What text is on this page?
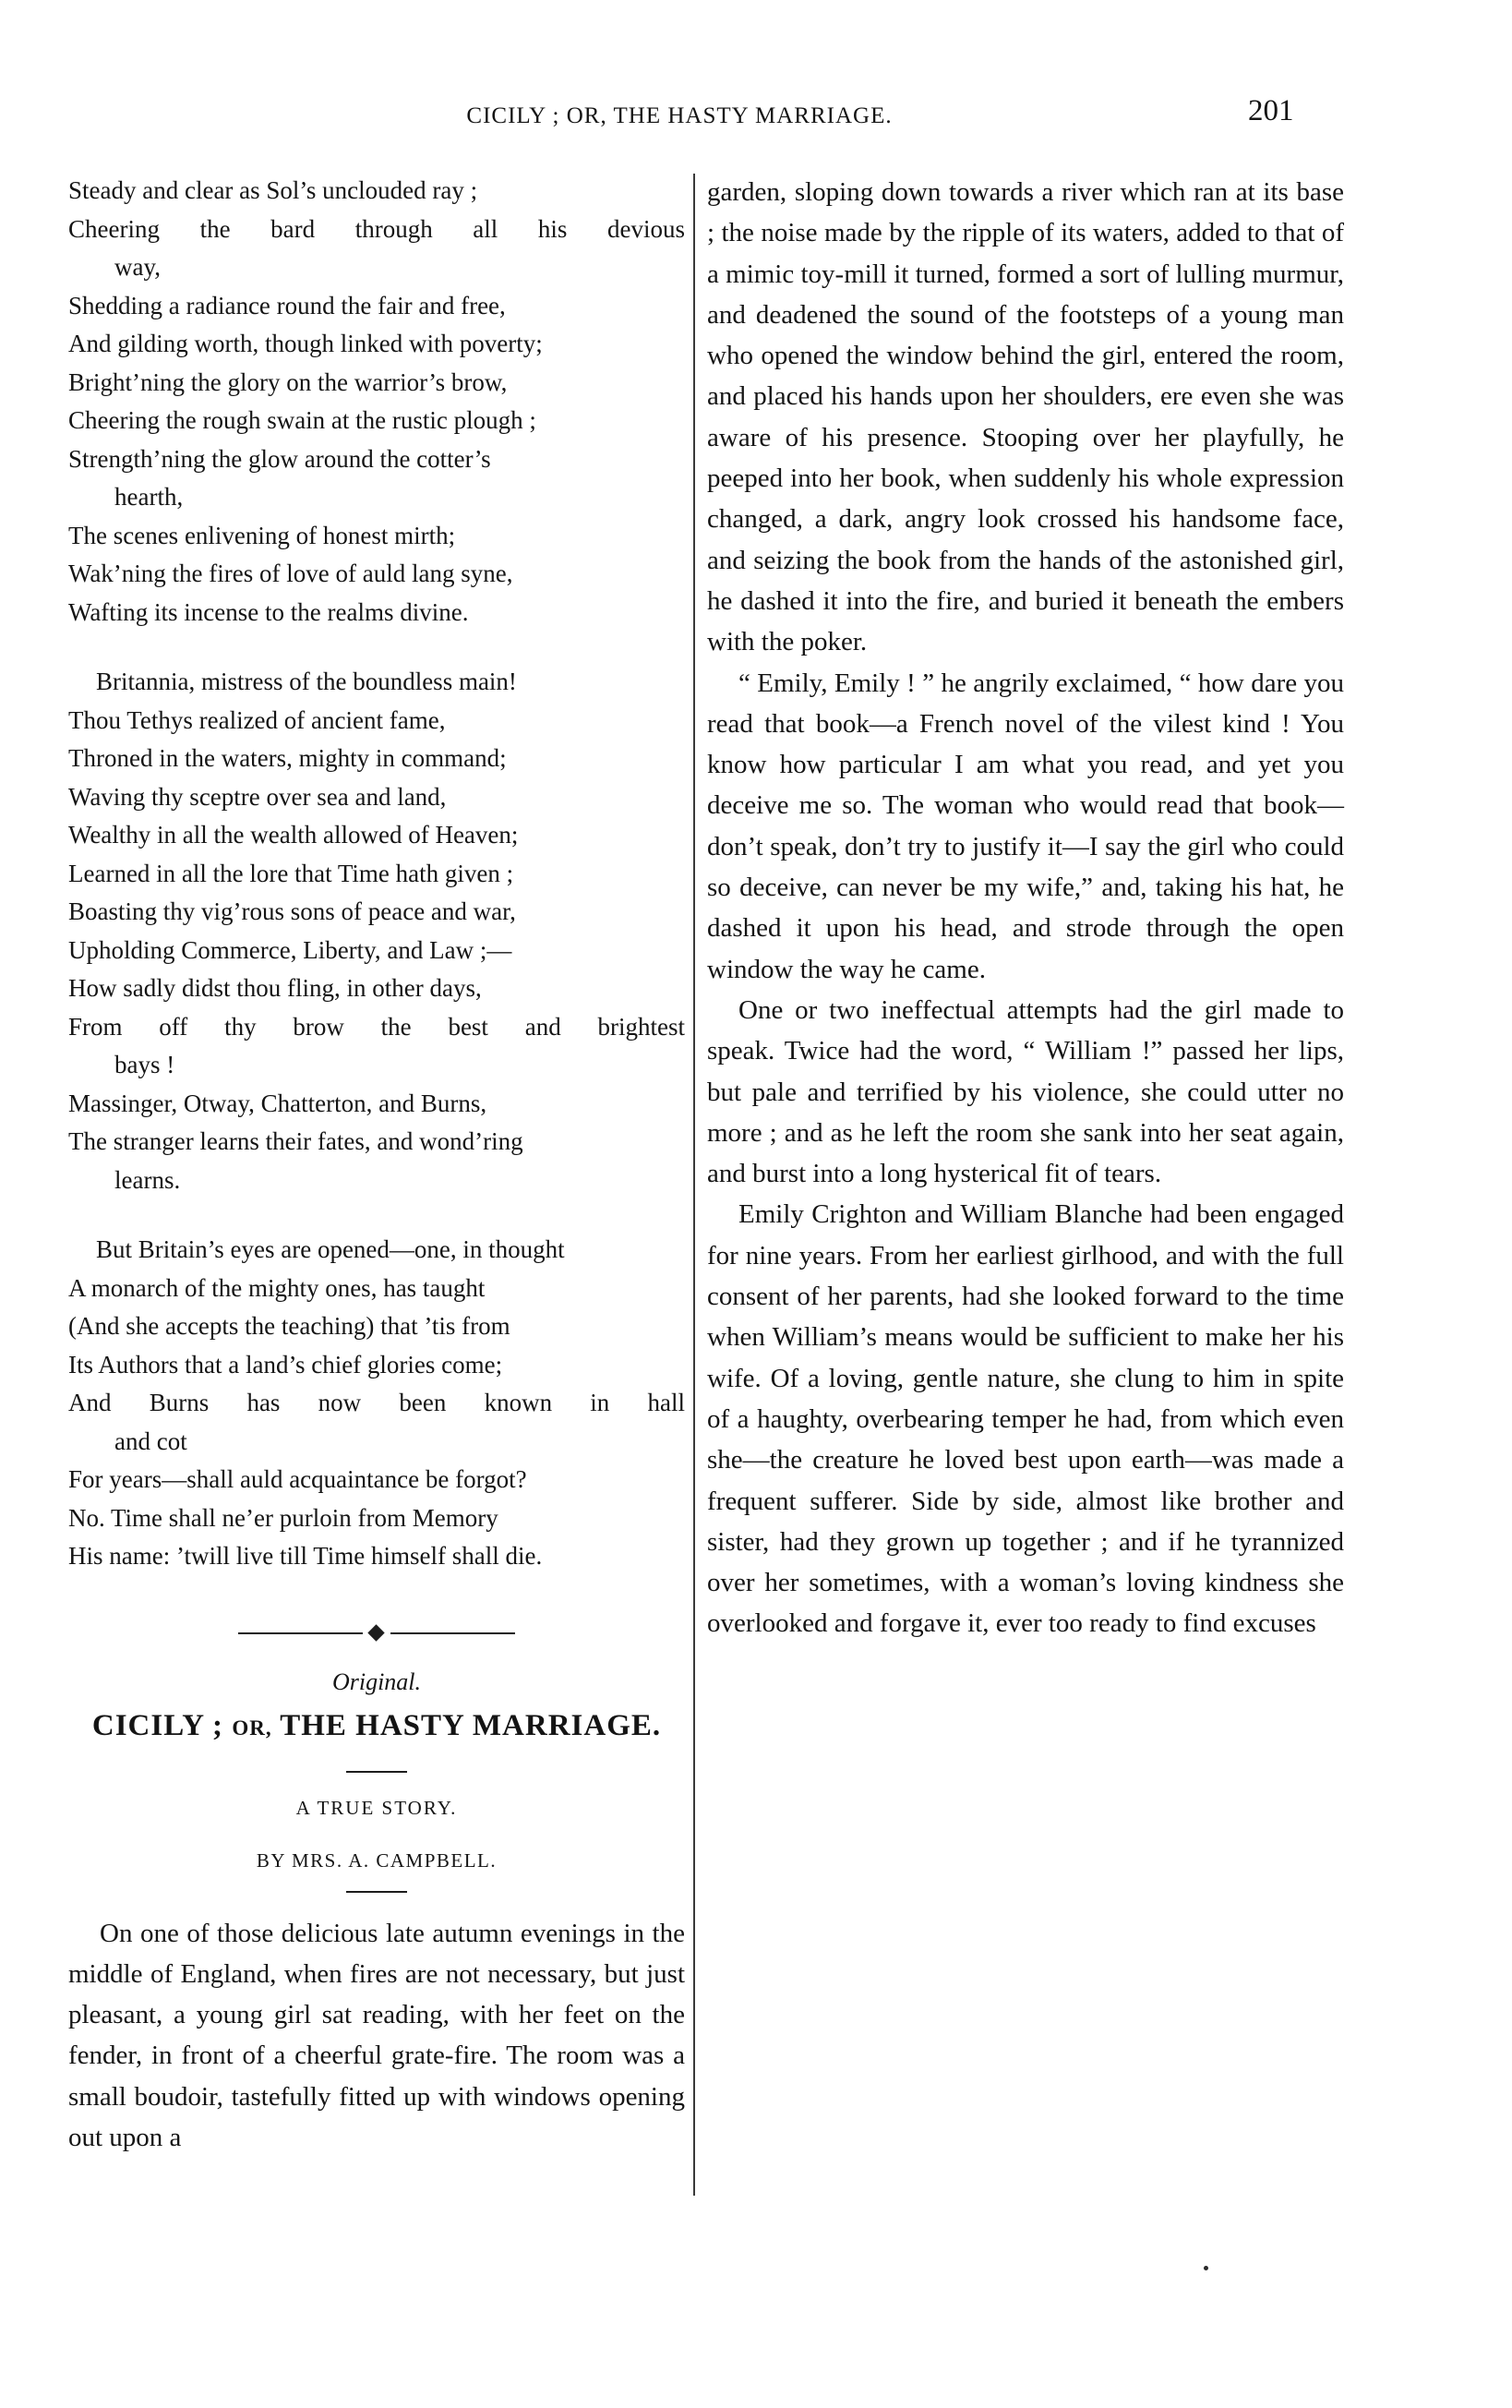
CICILY ; OR, THE HASTY MARRIAGE.	201
Steady and clear as Sol’s unclouded ray ;
Cheering the bard through all his devious
way,
Shedding a radiance round the fair and free,
And gilding worth, though linked with poverty;
Bright’ning the glory on the warrior’s brow,
Cheering the rough swain at the rustic plough ;
Strength’ning the glow around the cotter’s
hearth,
The scenes enlivening of honest mirth;
Wak’ning the fires of love of auld lang syne,
Wafting its incense to the realms divine.
Britannia, mistress of the boundless main!
Thou Tethys realized of ancient fame,
Throned in the waters, mighty in command;
Waving thy sceptre over sea and land,
Wealthy in all the wealth allowed of Heaven;
Learned in all the lore that Time hath given ;
Boasting thy vig’rous sons of peace and war,
Upholding Commerce, Liberty, and Law ;—
How sadly didst thou fling, in other days,
From off thy brow the best and brightest
bays !
Massinger, Otway, Chatterton, and Burns,
The stranger learns their fates, and wond’ring
learns.
But Britain’s eyes are opened—one, in thought
A monarch of the mighty ones, has taught
(And she accepts the teaching) that ’tis from
Its Authors that a land’s chief glories come;
And Burns has now been known in hall
and cot
For years—shall auld acquaintance be forgot?
No. Time shall ne’er purloin from Memory
His name: ’twill live till Time himself shall die.

Original.

CICILY ; OR, THE HASTY MARRIAGE.

A TRUE STORY.

BY MRS. A. CAMPBELL.

On one of those delicious late autumn evenings in the middle of England, when fires are not necessary, but just pleasant, a young girl sat reading, with her feet on the fender, in front of a cheerful grate-fire. The room was a small boudoir, tastefully fitted up with windows opening out upon a

garden, sloping down towards a river which ran at its base ; the noise made by the ripple of its waters, added to that of a mimic toy-mill it turned, formed a sort of lulling murmur, and deadened the sound of the footsteps of a young man who opened the window behind the girl, entered the room, and placed his hands upon her shoulders, ere even she was aware of his presence. Stooping over her playfully, he peeped into her book, when suddenly his whole expression changed, a dark, angry look crossed his handsome face, and seizing the book from the hands of the astonished girl, he dashed it into the fire, and buried it beneath the embers with the poker.

“ Emily, Emily ! ” he angrily exclaimed, “ how dare you read that book—a French novel of the vilest kind ! You know how particular I am what you read, and yet you deceive me so. The woman who would read that book—don’t speak, don’t try to justify it—I say the girl who could so deceive, can never be my wife,” and, taking his hat, he dashed it upon his head, and strode through the open window the way he came.

One or two ineffectual attempts had the girl made to speak. Twice had the word, “ William !” passed her lips, but pale and terrified by his violence, she could utter no more ; and as he left the room she sank into her seat again, and burst into a long hysterical fit of tears.

Emily Crighton and William Blanche had been engaged for nine years. From her earliest girlhood, and with the full consent of her parents, had she looked forward to the time when William’s means would be sufficient to make her his wife. Of a loving, gentle nature, she clung to him in spite of a haughty, overbearing temper he had, from which even she—the creature he loved best upon earth—was made a frequent sufferer. Side by side, almost like brother and sister, had they grown up together ; and if he tyrannized over her sometimes, with a woman’s loving kindness she overlooked and forgave it, ever too ready to find excuses
